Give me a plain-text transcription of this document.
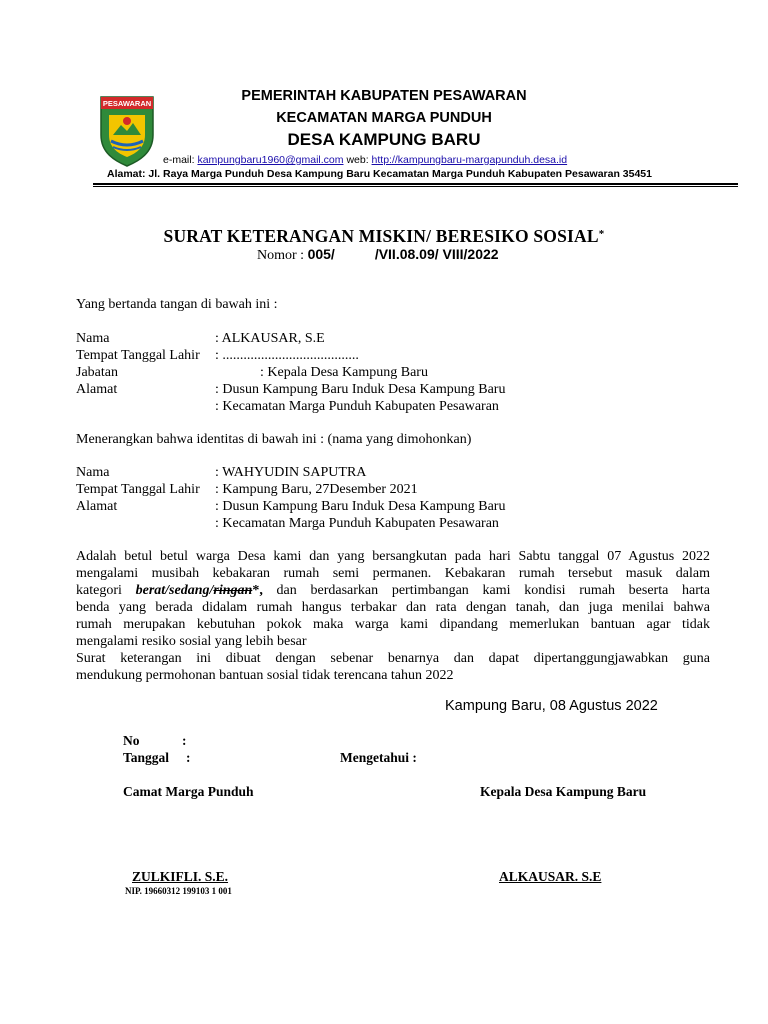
PESAWARAN	PEMERINTAH KABUPATEN PESAWARAN
KECAMATAN MARGA PUNDUH
DESA KAMPUNG BARU
e-mail: kampungbaru1960@gmail.com web: http://kampungbaru-margapunduh.desa.id
Alamat: Jl. Raya Marga Punduh Desa Kampung Baru Kecamatan Marga Punduh Kabupaten Pesawaran 35451
SURAT KETERANGAN MISKIN/ BERESIKO SOSIAL*
Nomor : 005/	/VII.08.09/ VIII/2022
Yang bertanda tangan di bawah ini :
Nama	: ALKAUSAR, S.E
Tempat Tanggal Lahir : .......................................
Jabatan	: Kepala Desa Kampung Baru
Alamat	: Dusun Kampung Baru Induk Desa Kampung Baru
: Kecamatan Marga Punduh Kabupaten Pesawaran
Menerangkan bahwa identitas di bawah ini : (nama yang dimohonkan)
Nama	: WAHYUDIN SAPUTRA
Tempat Tanggal Lahir : Kampung Baru, 27Desember 2021
Alamat	: Dusun Kampung Baru Induk Desa Kampung Baru
: Kecamatan Marga Punduh Kabupaten Pesawaran
Adalah betul betul warga Desa kami dan yang bersangkutan pada hari Sabtu tanggal 07 Agustus 2022
mengalami musibah kebakaran rumah semi permanen. Kebakaran rumah tersebut masuk dalam
kategori berat/sedang/ringan*, dan berdasarkan pertimbangan kami kondisi rumah beserta harta
benda yang berada didalam rumah hangus terbakar dan rata dengan tanah, dan juga menilai bahwa
rumah merupakan kebutuhan pokok maka warga kami dipandang memerlukan bantuan agar tidak
mengalami resiko sosial yang lebih besar
Surat keterangan ini dibuat dengan sebenar benarnya dan dapat dipertanggungjawabkan guna
mendukung permohonan bantuan sosial tidak terencana tahun 2022
Kampung Baru, 08 Agustus 2022
No	:
Tanggal :	Mengetahui :
Camat Marga Punduh	Kepala Desa Kampung Baru
ZULKIFLI. S.E.
NIP. 19660312 199103 1 001
ALKAUSAR. S.E
